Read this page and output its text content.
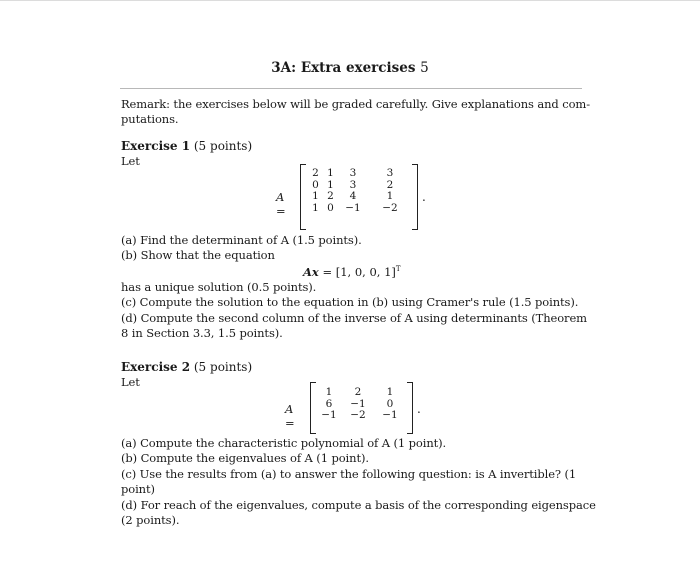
3A: Extra exercises 5
Remark: the exercises below will be graded carefully. Give explanations and com-
putations.
Exercise 1 (5 points)
Let
A =
2	1	3	3
0	1	3	2
1	2	4	1
1	0	−1	−2
.
(a) Find the determinant of A (1.5 points).
(b) Show that the equation
Ax = [1, 0, 0, 1]$^T$
has a unique solution (0.5 points).
(c) Compute the solution to the equation in (b) using Cramer's rule (1.5 points).
(d) Compute the second column of the inverse of A using determinants (Theorem
8 in Section 3.3, 1.5 points).
Exercise 2 (5 points)
Let
A =
1	2	1
6	−1	0
−1	−2	−1 .
(a) Compute the characteristic polynomial of A (1 point).
(b) Compute the eigenvalues of A (1 point).
(c) Use the results from (a) to answer the following question: is A invertible? (1
point)
(d) For reach of the eigenvalues, compute a basis of the corresponding eigenspace
(2 points).
